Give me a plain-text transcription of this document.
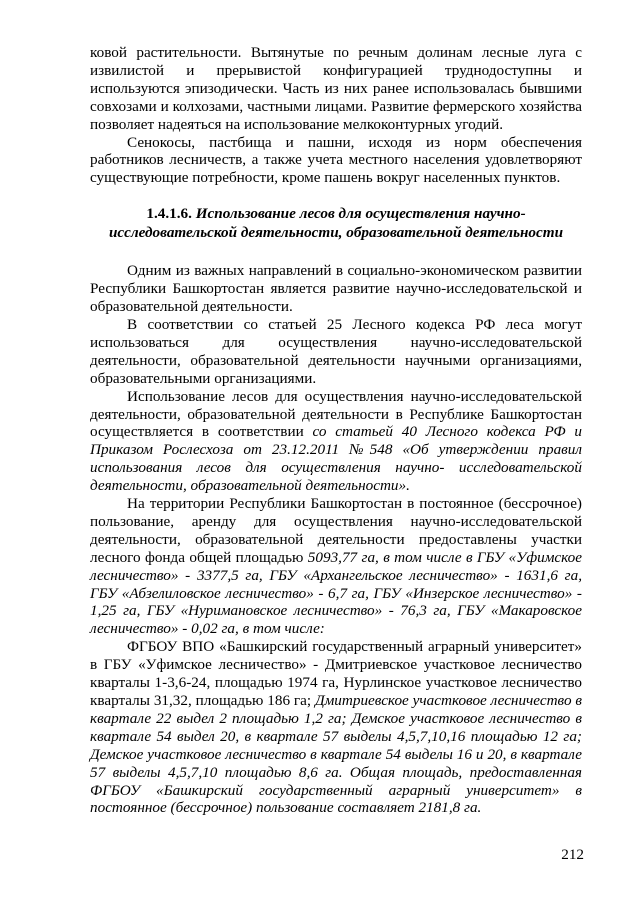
ковой растительности. Вытянутые по речным долинам лесные луга с извилистой и прерывистой конфигурацией труднодоступны и используются эпизодически. Часть из них ранее использовалась бывшими совхозами и колхозами, частными лицами. Развитие фермерского хозяйства позволяет надеяться на использование мелкоконтурных угодий.

Сенокосы, пастбища и пашни, исходя из норм обеспечения работников лесничеств, а также учета местного населения удовлетворяют существующие потребности, кроме пашень вокруг населенных пунктов.

1.4.1.6. Использование лесов для осуществления научно-исследовательской деятельности, образовательной деятельности

Одним из важных направлений в социально-экономическом развитии Республики Башкортостан является развитие научно-исследовательской и образовательной деятельности.

В соответствии со статьей 25 Лесного кодекса РФ леса могут использоваться для осуществления научно-исследовательской деятельности, образовательной деятельности научными организациями, образовательными организациями.

Использование лесов для осуществления научно-исследовательской деятельности, образовательной деятельности в Республике Башкортостан осуществляется в соответствии со статьей 40 Лесного кодекса РФ и Приказом Рослесхоза от 23.12.2011 №548 «Об утверждении правил использования лесов для осуществления научно- исследовательской деятельности, образовательной деятельности».

На территории Республики Башкортостан в постоянное (бессрочное) пользование, аренду для осуществления научно-исследовательской деятельности, образовательной деятельности предоставлены участки лесного фонда общей площадью 5093,77 га, в том числе в ГБУ «Уфимское лесничество» - 3377,5 га, ГБУ «Архангельское лесничество» - 1631,6 га, ГБУ «Абзелиловское лесничество» - 6,7 га, ГБУ «Инзерское лесничество» - 1,25 га, ГБУ «Нуримановское лесничество» - 76,3 га, ГБУ «Макаровское лесничество» - 0,02 га, в том числе:

ФГБОУ ВПО «Башкирский государственный аграрный университет» в ГБУ «Уфимское лесничество» - Дмитриевское участковое лесничество кварталы 1-3,6-24, площадью 1974 га, Нурлинское участковое лесничество кварталы 31,32, площадью 186 га; Дмитриевское участковое лесничество в квартале 22 выдел 2 площадью 1,2 га; Демское участковое лесничество в квартале 54 выдел 20, в квартале 57 выделы 4,5,7,10,16 площадью 12 га; Демское участковое лесничество в квартале 54 выделы 16 и 20, в квартале 57 выделы 4,5,7,10 площадью 8,6 га. Общая площадь, предоставленная ФГБОУ «Башкирский государственный аграрный университет» в постоянное (бессрочное) пользование составляет 2181,8 га.

212
